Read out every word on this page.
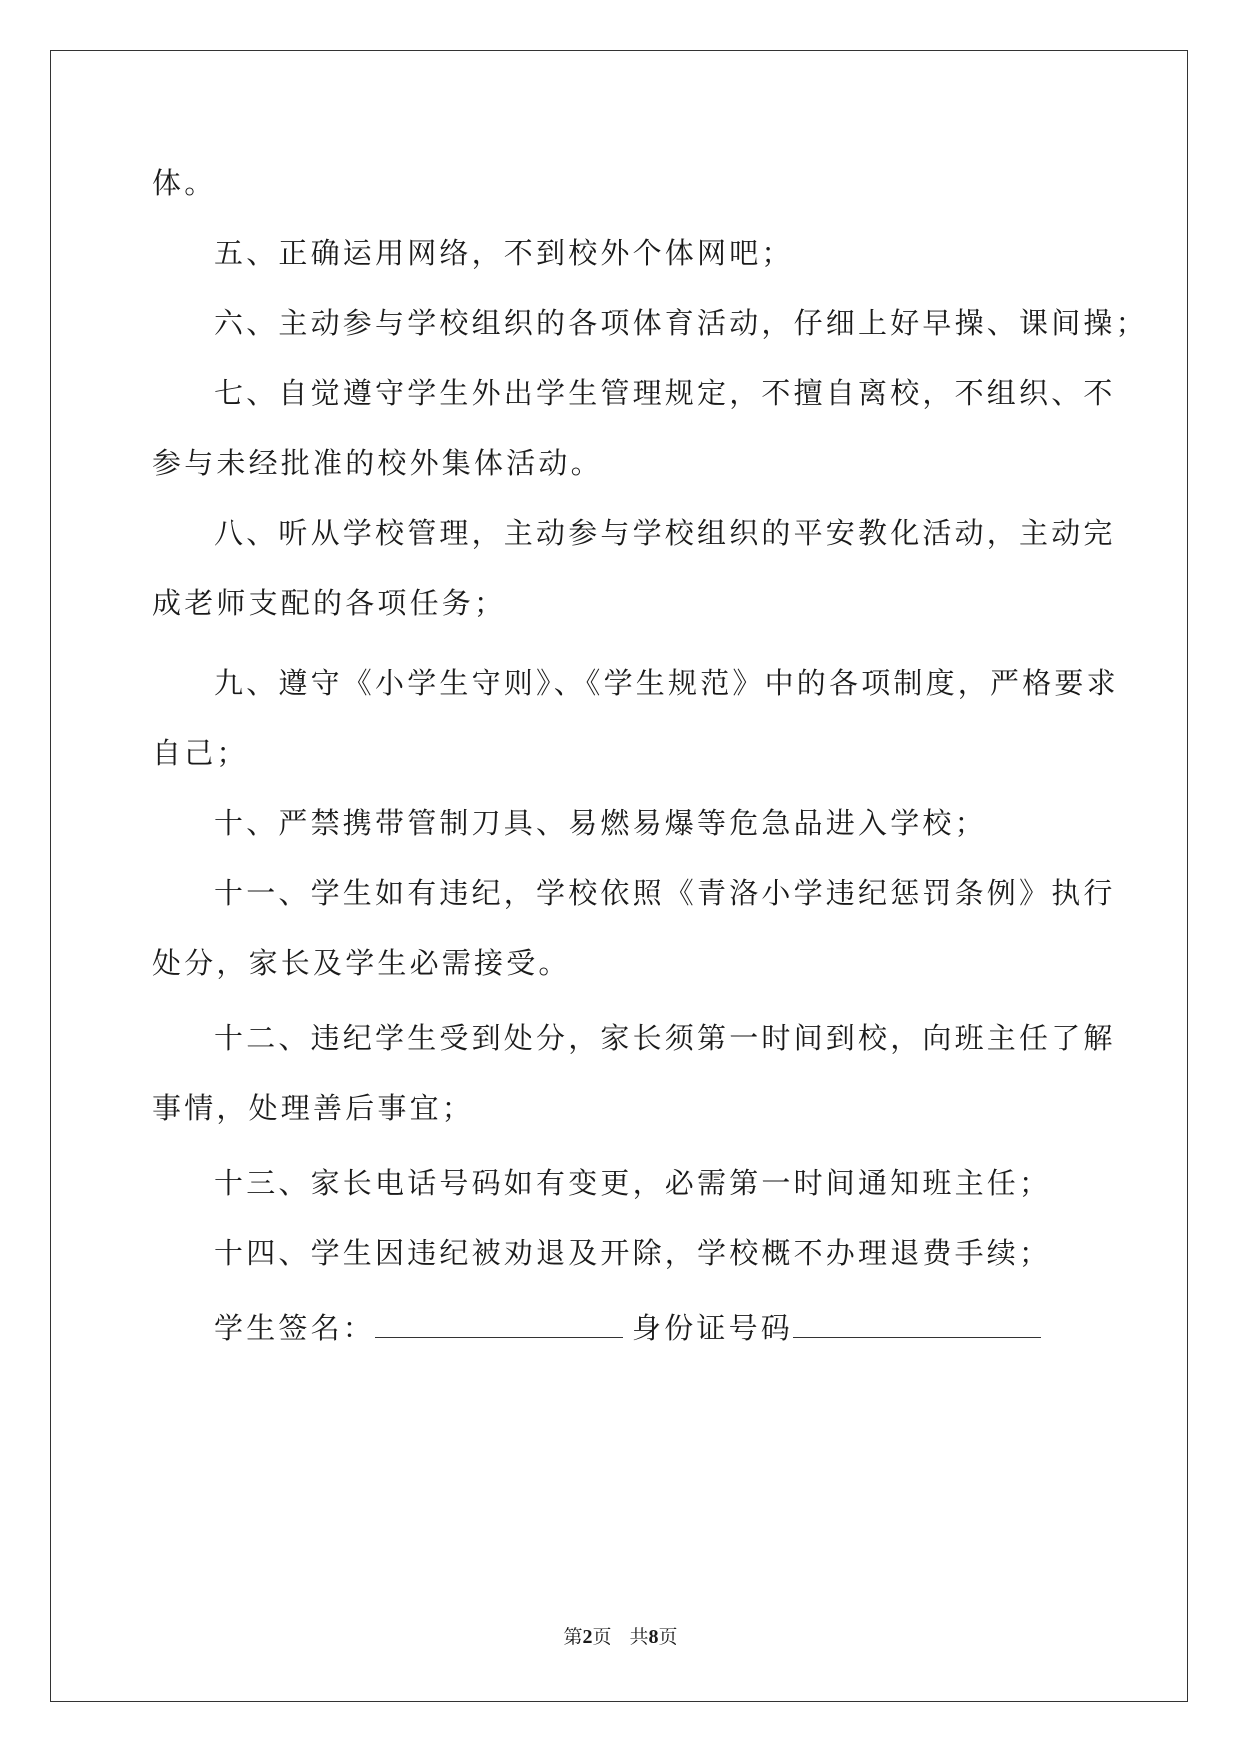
体。
五、正确运用网络，不到校外个体网吧；
六、主动参与学校组织的各项体育活动，仔细上好早操、课间操；
七、自觉遵守学生外出学生管理规定，不擅自离校，不组织、不
参与未经批准的校外集体活动。
八、听从学校管理，主动参与学校组织的平安教化活动，主动完
成老师支配的各项任务；
九、遵守《小学生守则》、《学生规范》中的各项制度，严格要求
自己；
十、严禁携带管制刀具、易燃易爆等危急品进入学校；
十一、学生如有违纪，学校依照《青洛小学违纪惩罚条例》执行
处分，家长及学生必需接受。
十二、违纪学生受到处分，家长须第一时间到校，向班主任了解
事情，处理善后事宜；
十三、家长电话号码如有变更，必需第一时间通知班主任；
十四、学生因违纪被劝退及开除，学校概不办理退费手续；
学生签名：	身份证号码
第2页 共8页
